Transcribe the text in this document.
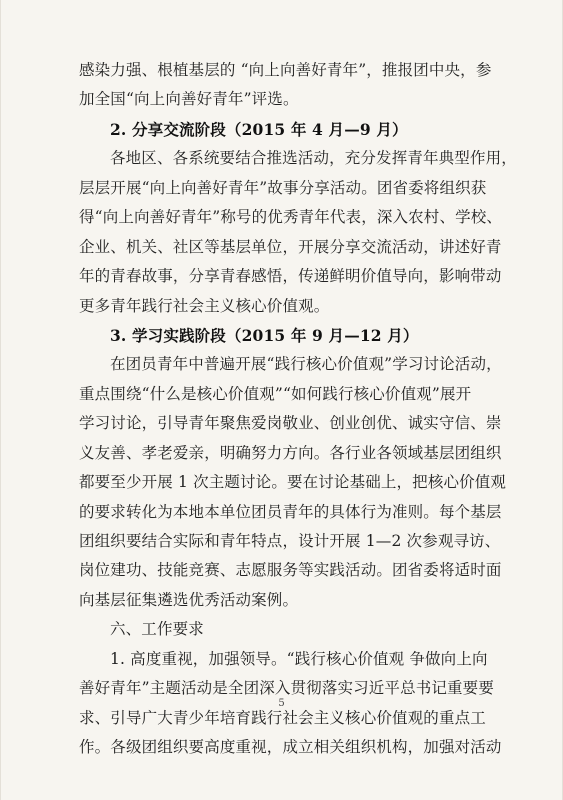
感染力强、根植基层的 “向上向善好青年”，推报团中央，参
加全国“向上向善好青年”评选。
2. 分享交流阶段（2015 年 4 月—9 月）
各地区、各系统要结合推选活动，充分发挥青年典型作用，
层层开展“向上向善好青年”故事分享活动。团省委将组织获
得“向上向善好青年”称号的优秀青年代表，深入农村、学校、
企业、机关、社区等基层单位，开展分享交流活动，讲述好青
年的青春故事，分享青春感悟，传递鲜明价值导向，影响带动
更多青年践行社会主义核心价值观。
3. 学习实践阶段（2015 年 9 月—12 月）
在团员青年中普遍开展“践行核心价值观”学习讨论活动，
重点围绕“什么是核心价值观”“如何践行核心价值观”展开
学习讨论，引导青年聚焦爱岗敬业、创业创优、诚实守信、崇
义友善、孝老爱亲，明确努力方向。各行业各领域基层团组织
都要至少开展 1 次主题讨论。要在讨论基础上，把核心价值观
的要求转化为本地本单位团员青年的具体行为准则。每个基层
团组织要结合实际和青年特点，设计开展 1—2 次参观寻访、
岗位建功、技能竞赛、志愿服务等实践活动。团省委将适时面
向基层征集遴选优秀活动案例。
六、工作要求
1. 高度重视，加强领导。“践行核心价值观 争做向上向
善好青年”主题活动是全团深入贯彻落实习近平总书记重要要
求、引导广大青少年培育践行社会主义核心价值观的重点工
作。各级团组织要高度重视，成立相关组织机构，加强对活动
5
